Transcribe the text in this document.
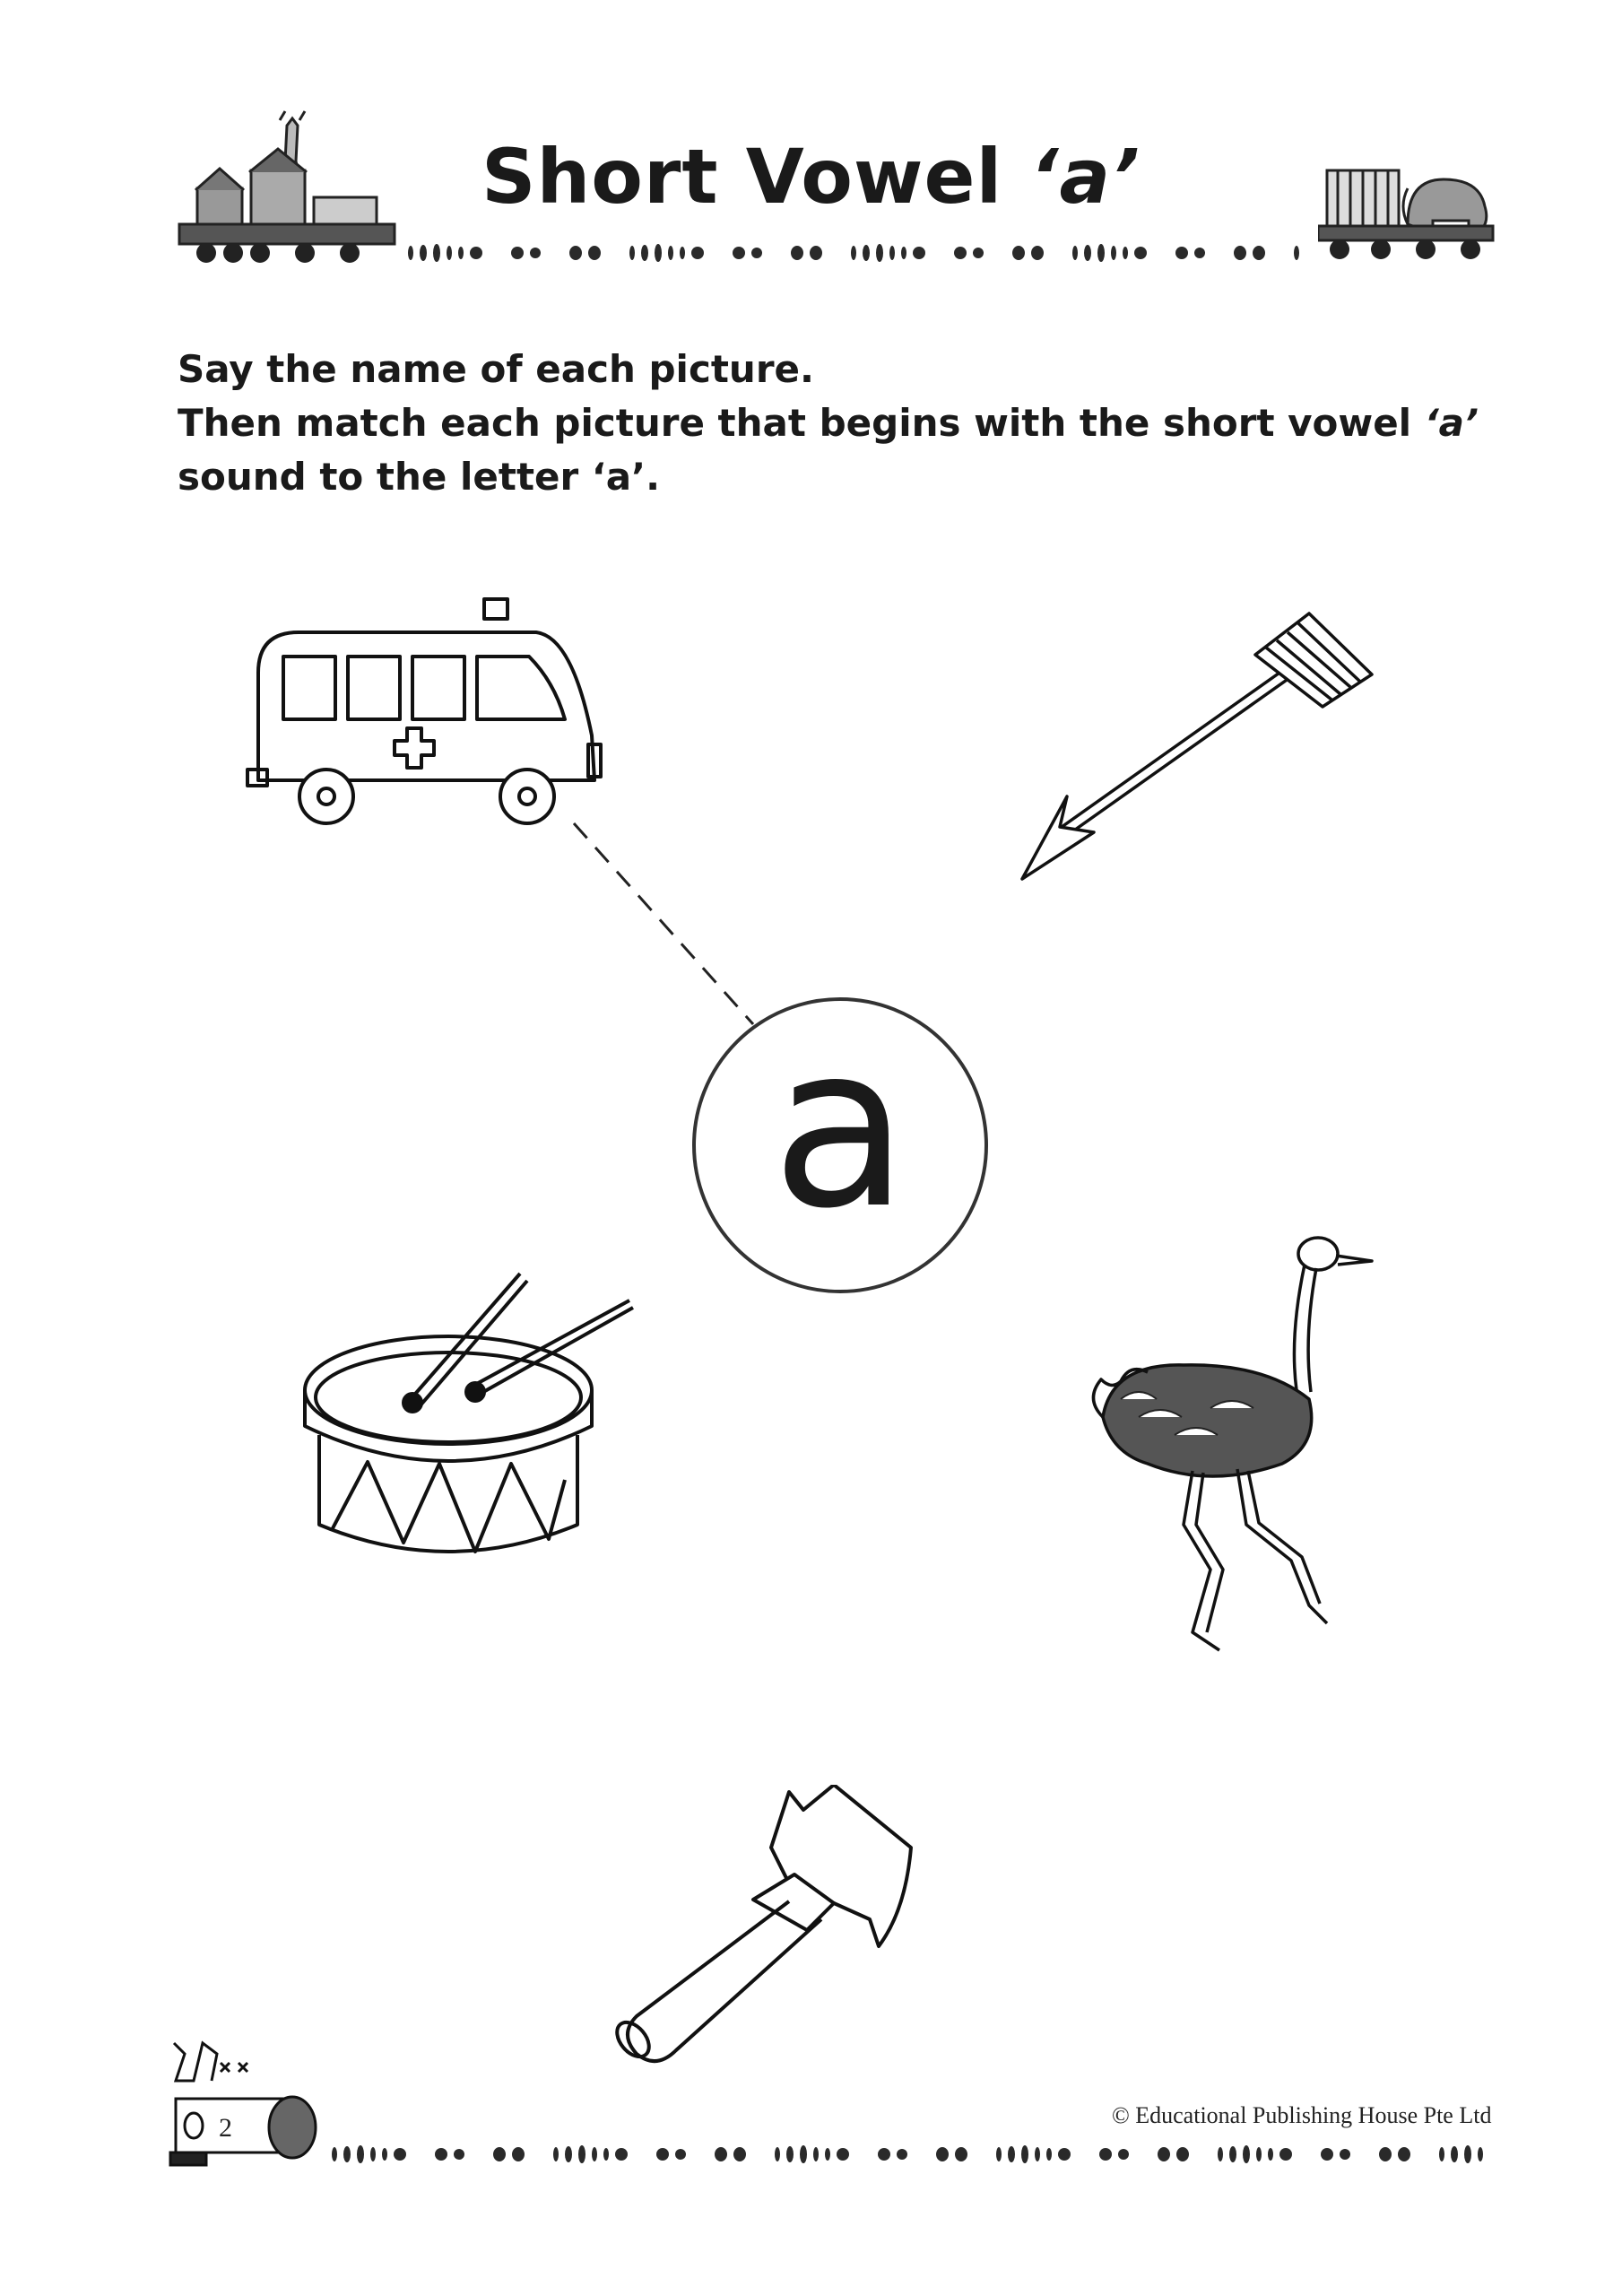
Short Vowel ‘a’
Say the name of each picture.
Then match each picture that begins with the short vowel ‘a’
sound to the letter ‘a’.
a
2	© Educational Publishing House Pte Ltd
